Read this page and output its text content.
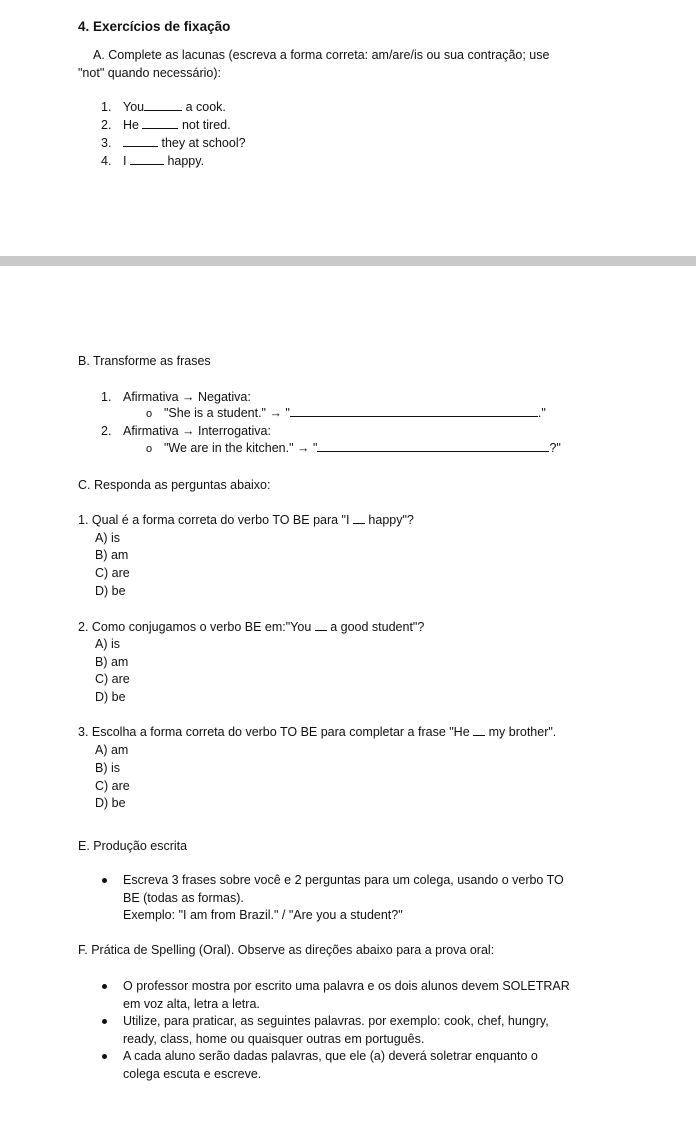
4. Exercícios de fixação
A. Complete as lacunas (escreva a forma correta: am/are/is ou sua contração; use
"not" quando necessário):
1. You	a cook.
2. He	not tired.
3.	they at school?
4. I	happy.
B. Transforme as frases
1. Afirmativa → Negativa:
o "She is a student." → "	."
2. Afirmativa → Interrogativa:
o "We are in the kitchen." → "	?"
C. Responda as perguntas abaixo:
1. Qual é a forma correta do verbo TO BE para "I  happy"?
A) is
B) am
C) are
D) be
2. Como conjugamos o verbo BE em:"You  a good student"?
A) is
B) am
C) are
D) be
3. Escolha a forma correta do verbo TO BE para completar a frase "He  my brother".
A) am
B) is
C) are
D) be
E. Produção escrita
Escreva 3 frases sobre você e 2 perguntas para um colega, usando o verbo TO
BE (todas as formas).
Exemplo: "I am from Brazil." / "Are you a student?"
F. Prática de Spelling (Oral). Observe as direções abaixo para a prova oral:
O professor mostra por escrito uma palavra e os dois alunos devem SOLETRAR
em voz alta, letra a letra.
Utilize, para praticar, as seguintes palavras. por exemplo: cook, chef, hungry,
ready, class, home ou quaisquer outras em português.
A cada aluno serão dadas palavras, que ele (a) deverá soletrar enquanto o
colega escuta e escreve.
